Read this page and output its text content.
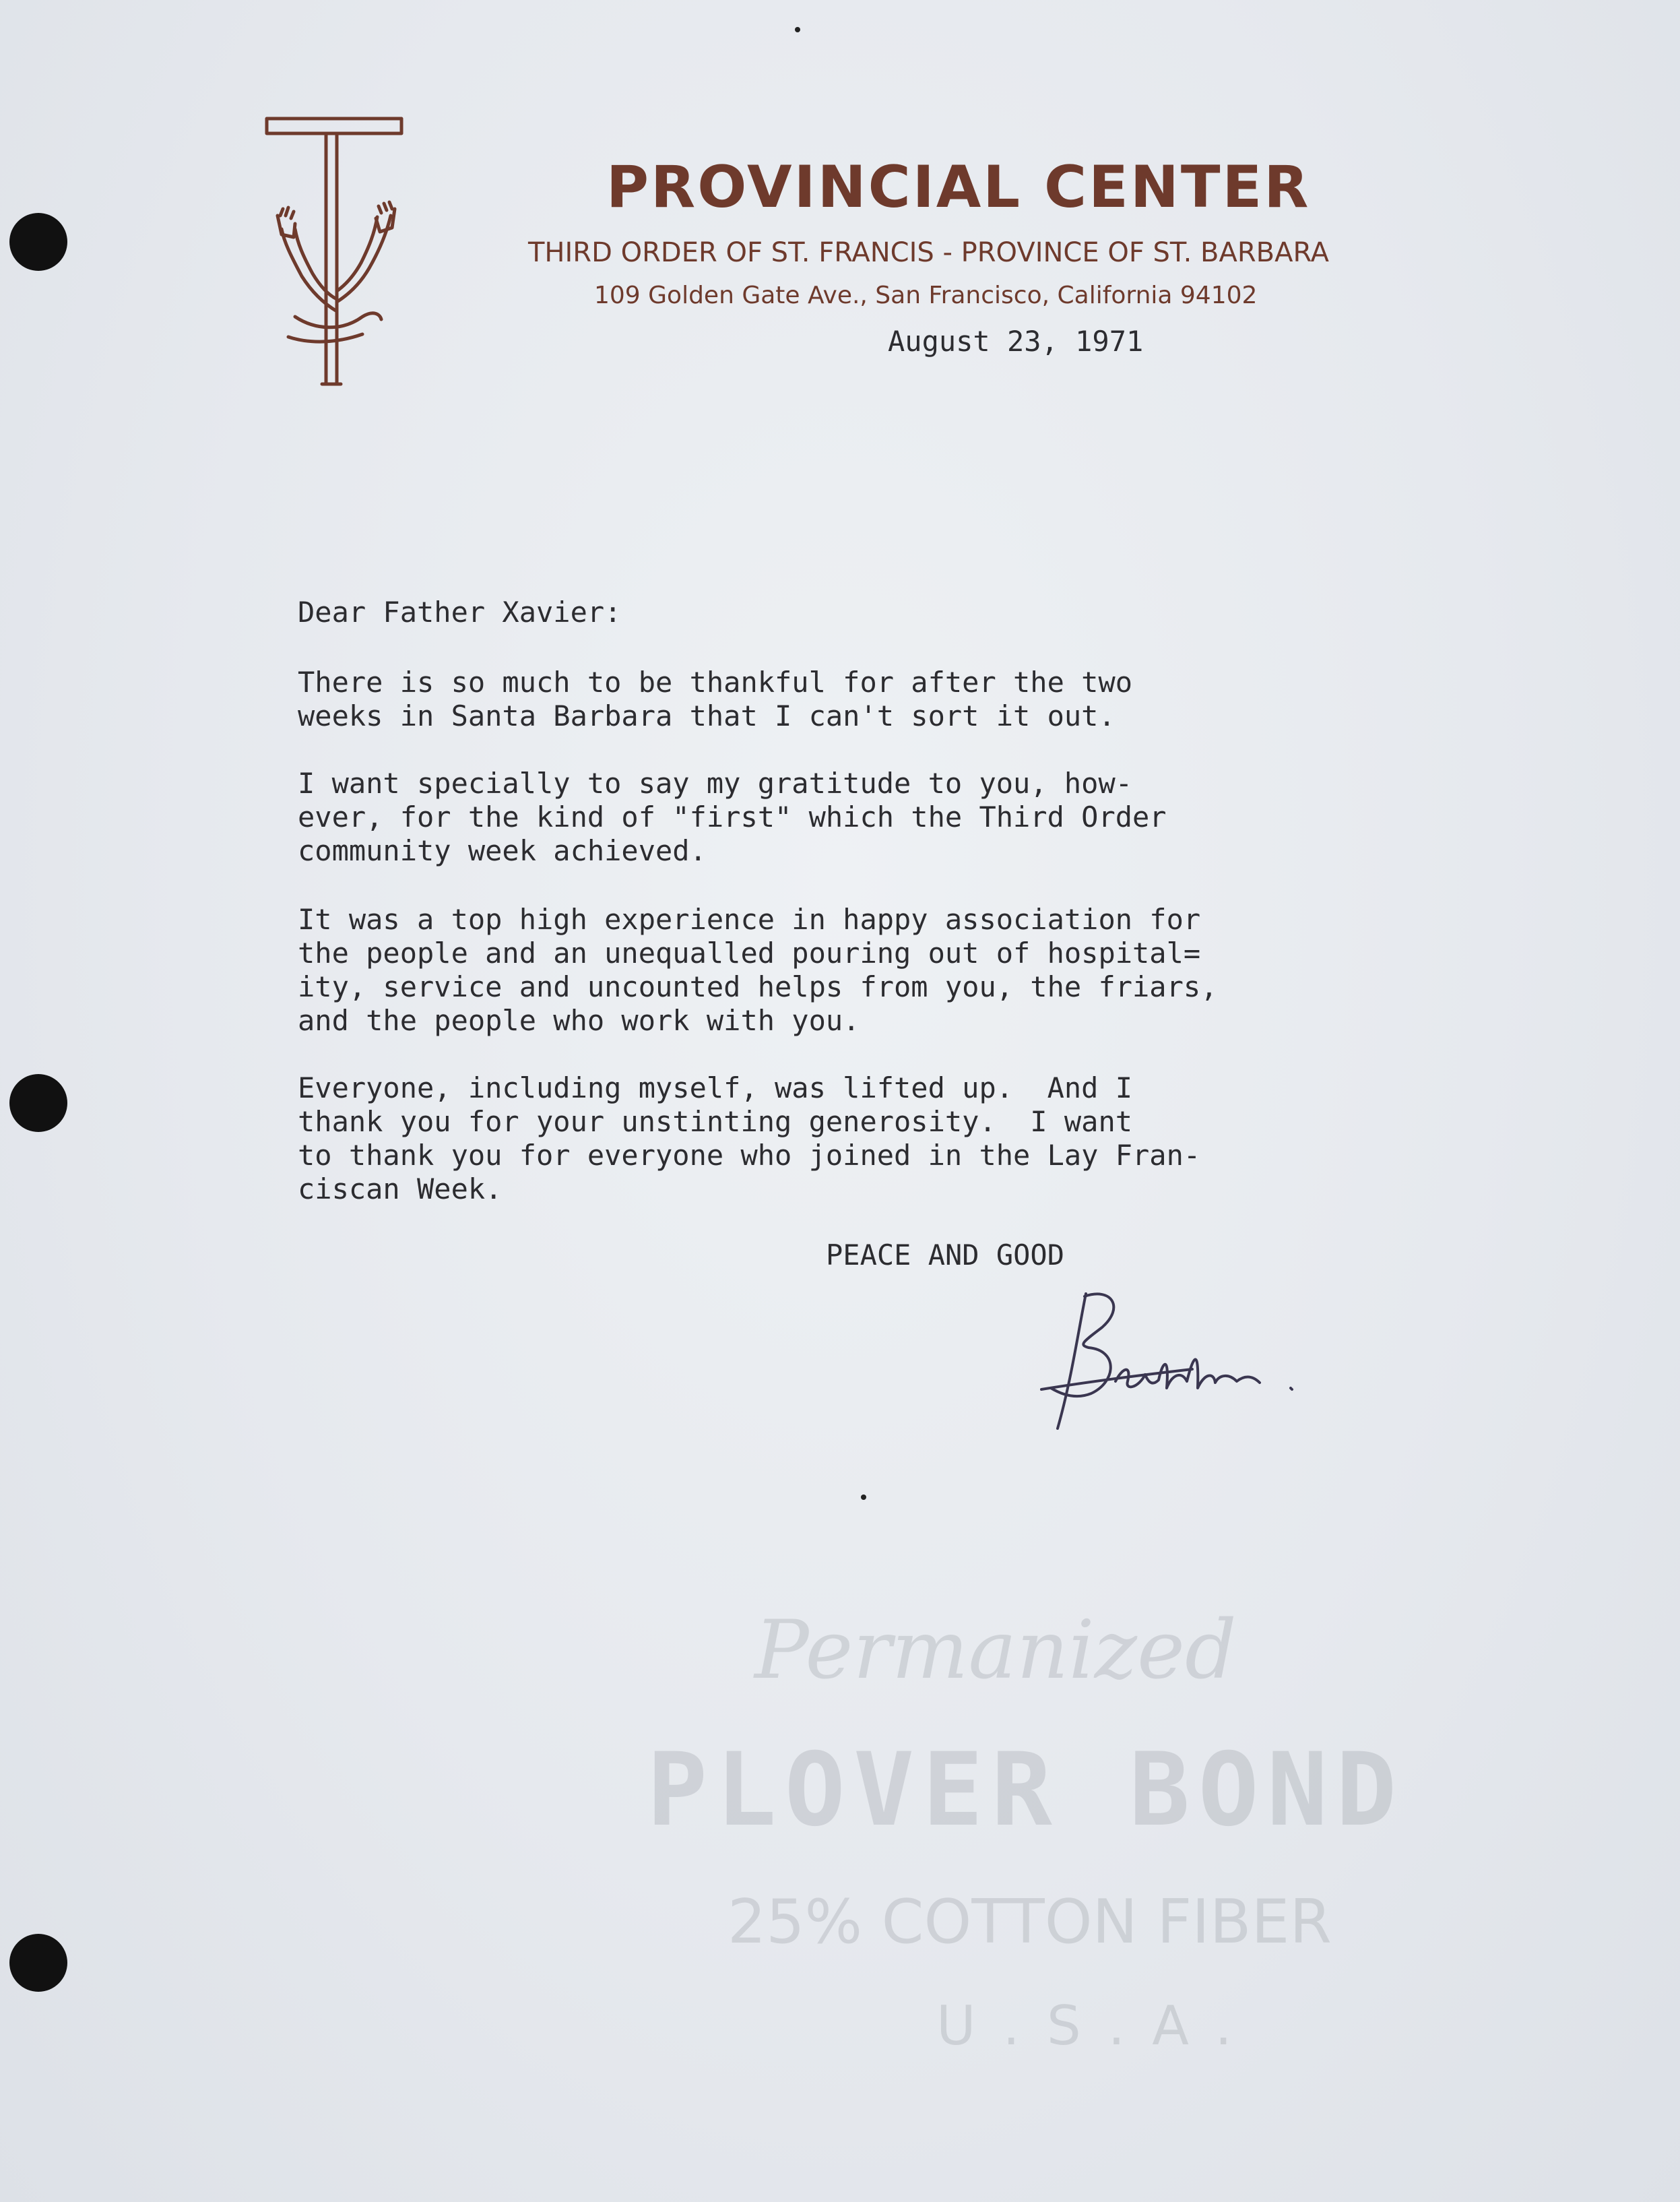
PROVINCIAL CENTER
THIRD ORDER OF ST. FRANCIS - PROVINCE OF ST. BARBARA
109 Golden Gate Ave., San Francisco, California 94102
August 23, 1971
Dear Father Xavier:
There is so much to be thankful for after the two
weeks in Santa Barbara that I can't sort it out.
I want specially to say my gratitude to you, how-
ever, for the kind of "first" which the Third Order
community week achieved.
It was a top high experience in happy association for
the people and an unequalled pouring out of hospital=
ity, service and uncounted helps from you, the friars,
and the people who work with you.
Everyone, including myself, was lifted up.  And I
thank you for your unstinting generosity.  I want
to thank you for everyone who joined in the Lay Fran-
ciscan Week.
PEACE AND GOOD
Permanized
PLOVER BOND
25% COTTON FIBER
U.S.A.
